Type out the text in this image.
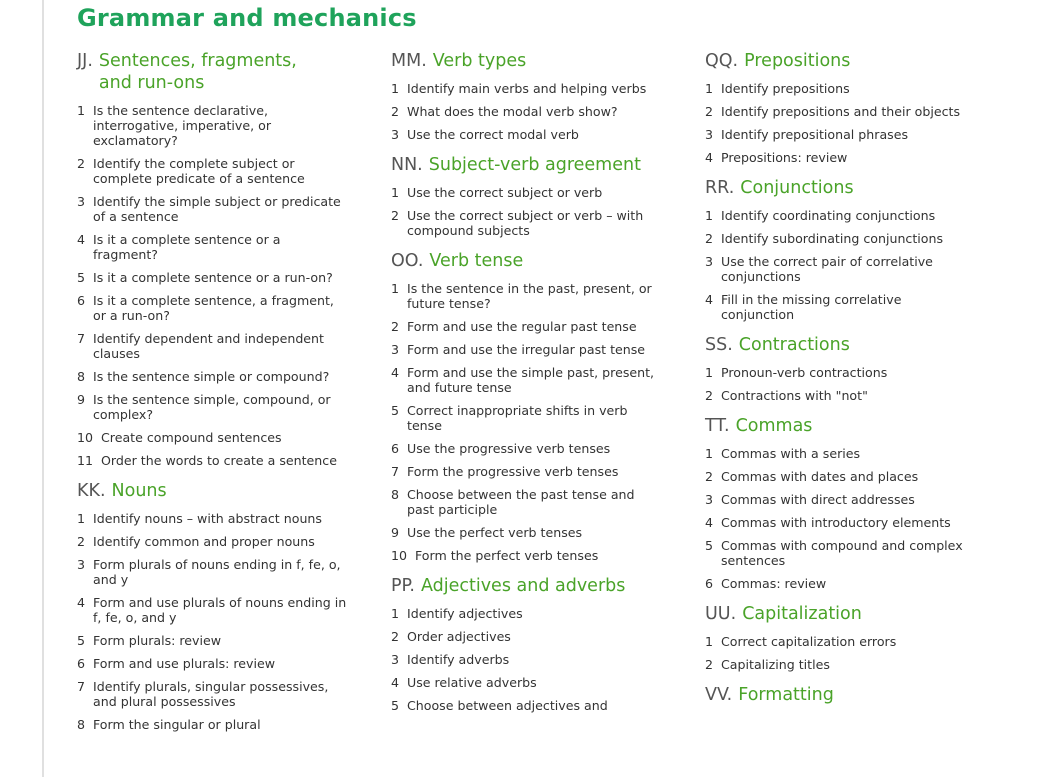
Grammar and mechanics
JJ. Sentences, fragments, and run-ons
1 Is the sentence declarative, interrogative, imperative, or exclamatory?
2 Identify the complete subject or complete predicate of a sentence
3 Identify the simple subject or predicate of a sentence
4 Is it a complete sentence or a fragment?
5 Is it a complete sentence or a run-on?
6 Is it a complete sentence, a fragment, or a run-on?
7 Identify dependent and independent clauses
8 Is the sentence simple or compound?
9 Is the sentence simple, compound, or complex?
10 Create compound sentences
11 Order the words to create a sentence
KK. Nouns
1 Identify nouns – with abstract nouns
2 Identify common and proper nouns
3 Form plurals of nouns ending in f, fe, o, and y
4 Form and use plurals of nouns ending in f, fe, o, and y
5 Form plurals: review
6 Form and use plurals: review
7 Identify plurals, singular possessives, and plural possessives
8 Form the singular or plural
MM. Verb types
1 Identify main verbs and helping verbs
2 What does the modal verb show?
3 Use the correct modal verb
NN. Subject-verb agreement
1 Use the correct subject or verb
2 Use the correct subject or verb – with compound subjects
OO. Verb tense
1 Is the sentence in the past, present, or future tense?
2 Form and use the regular past tense
3 Form and use the irregular past tense
4 Form and use the simple past, present, and future tense
5 Correct inappropriate shifts in verb tense
6 Use the progressive verb tenses
7 Form the progressive verb tenses
8 Choose between the past tense and past participle
9 Use the perfect verb tenses
10 Form the perfect verb tenses
PP. Adjectives and adverbs
1 Identify adjectives
2 Order adjectives
3 Identify adverbs
4 Use relative adverbs
5 Choose between adjectives and
QQ. Prepositions
1 Identify prepositions
2 Identify prepositions and their objects
3 Identify prepositional phrases
4 Prepositions: review
RR. Conjunctions
1 Identify coordinating conjunctions
2 Identify subordinating conjunctions
3 Use the correct pair of correlative conjunctions
4 Fill in the missing correlative conjunction
SS. Contractions
1 Pronoun-verb contractions
2 Contractions with "not"
TT. Commas
1 Commas with a series
2 Commas with dates and places
3 Commas with direct addresses
4 Commas with introductory elements
5 Commas with compound and complex sentences
6 Commas: review
UU. Capitalization
1 Correct capitalization errors
2 Capitalizing titles
VV. Formatting
